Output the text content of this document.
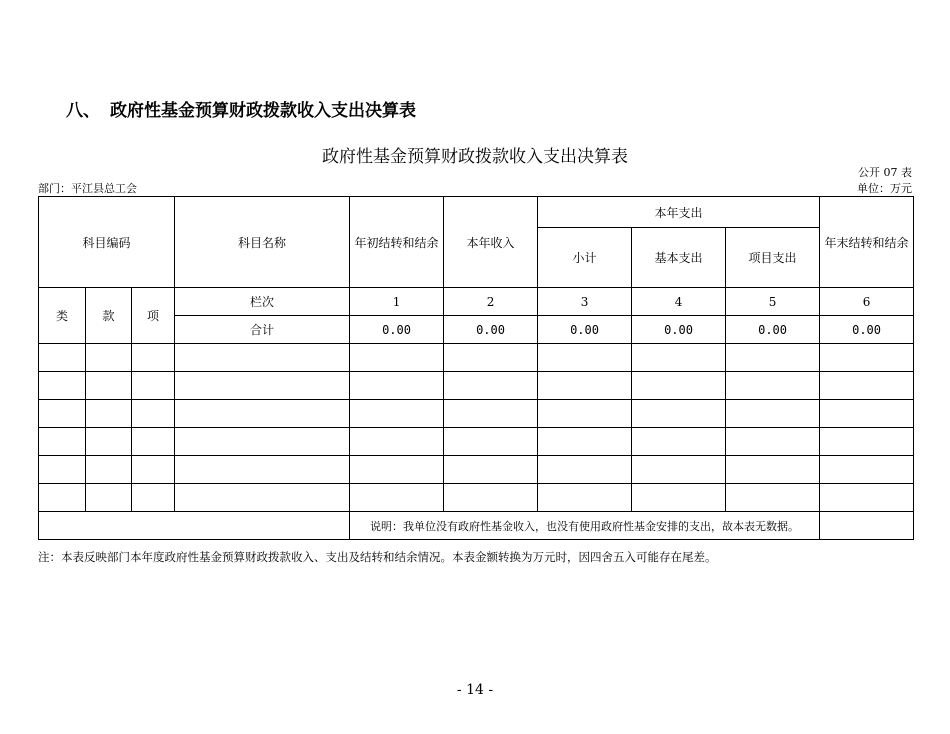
八、 政府性基金预算财政拨款收入支出决算表
政府性基金预算财政拨款收入支出决算表
公开 07 表
部门：平江县总工会	单位：万元
科目编码			科目名称	年初结转和结余	本年收入	本年支出			年末结转和结余
						小计	基本支出	项目支出	
类	款	项	栏次	1	2	3	4	5	6
			合计	0.00	0.00	0.00	0.00	0.00	0.00

				说明：我单位没有政府性基金收入，也没有使用政府性基金安排的支出，故本表无数据。					
注：本表反映部门本年度政府性基金预算财政拨款收入、支出及结转和结余情况。本表金额转换为万元时，因四舍五入可能存在尾差。
- 14 -
